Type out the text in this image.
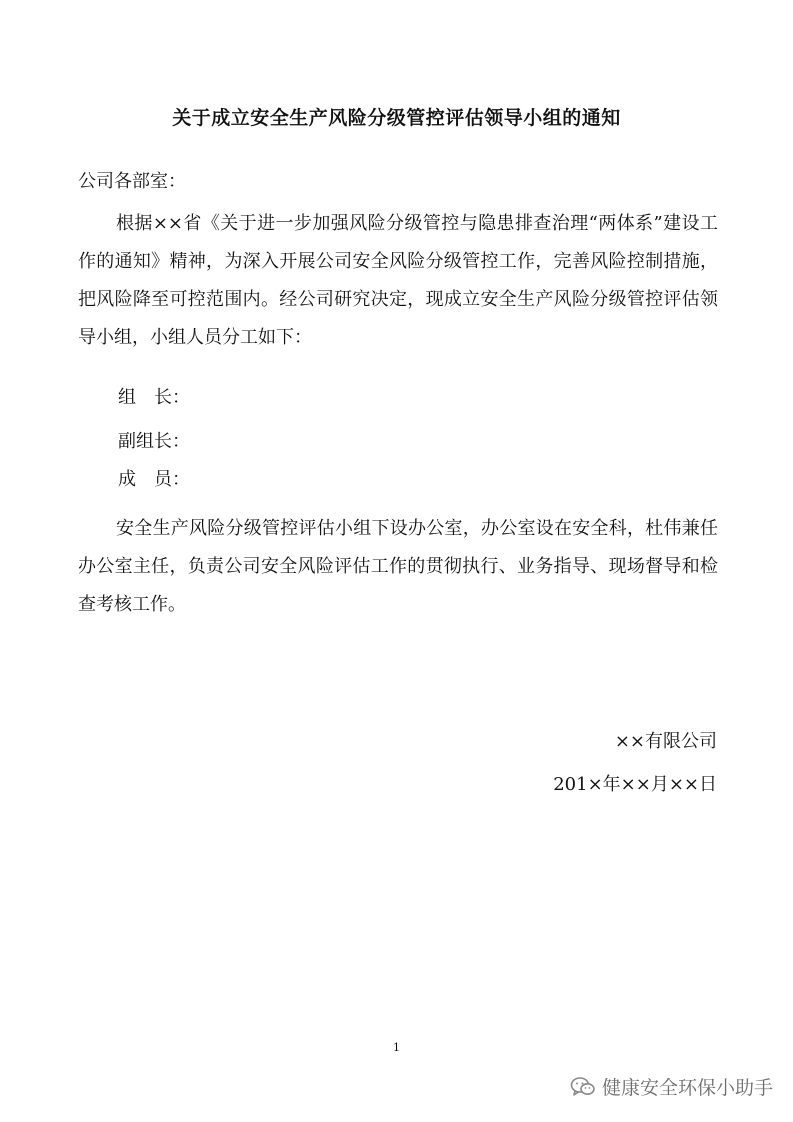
关于成立安全生产风险分级管控评估领导小组的通知
公司各部室：

根据××省《关于进一步加强风险分级管控与隐患排查治理“两体系”建设工作的通知》精神，为深入开展公司安全风险分级管控工作，完善风险控制措施，把风险降至可控范围内。经公司研究决定，现成立安全生产风险分级管控评估领导小组，小组人员分工如下：

组　长：
副组长：
成　员：

安全生产风险分级管控评估小组下设办公室，办公室设在安全科，杜伟兼任办公室主任，负责公司安全风险评估工作的贯彻执行、业务指导、现场督导和检查考核工作。

××有限公司
201×年××月××日
1
健康安全环保小助手
